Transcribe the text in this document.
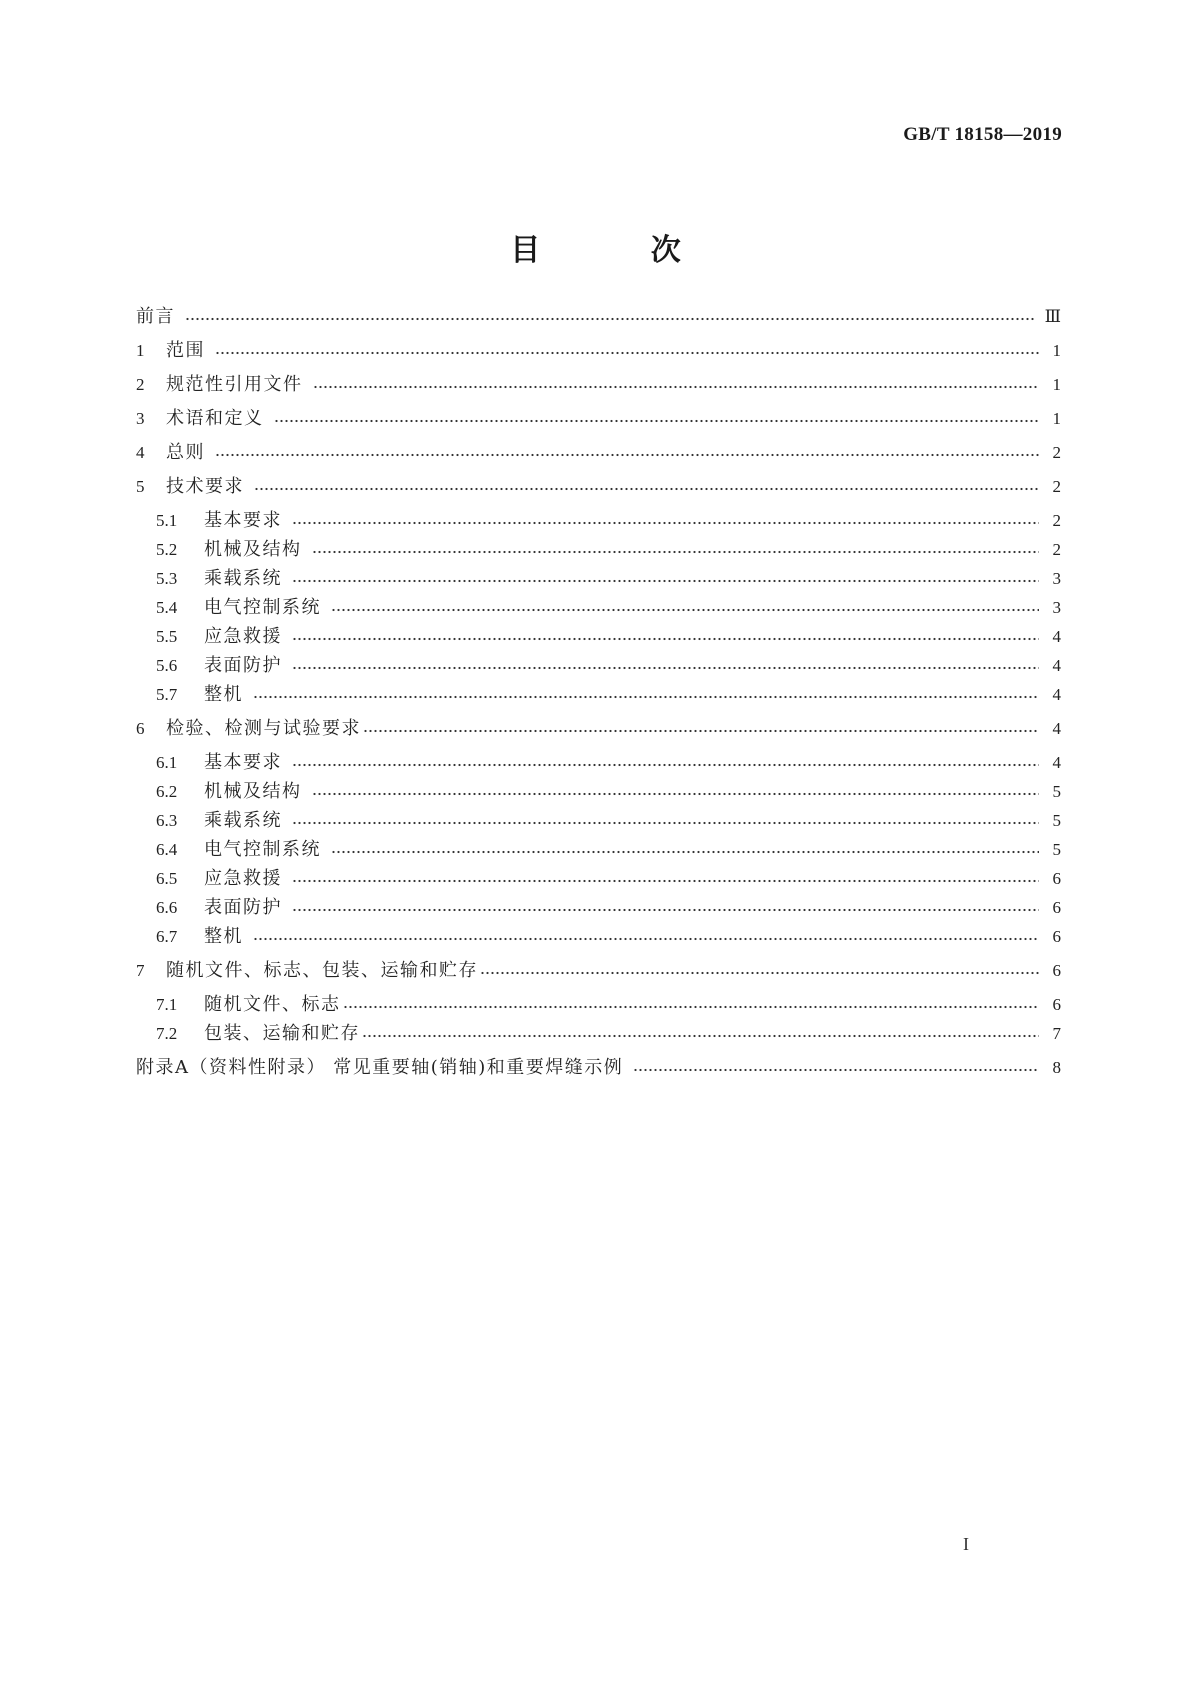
GB/T 18158—2019
目 次
前言	Ⅲ
1	范围	1
2	规范性引用文件	1
3	术语和定义	1
4	总则	2
5	技术要求	2
5.1	基本要求	2
5.2	机械及结构	2
5.3	乘载系统	3
5.4	电气控制系统	3
5.5	应急救援	4
5.6	表面防护	4
5.7	整机	4
6	检验、检测与试验要求	4
6.1	基本要求	4
6.2	机械及结构	5
6.3	乘载系统	5
6.4	电气控制系统	5
6.5	应急救援	6
6.6	表面防护	6
6.7	整机	6
7	随机文件、标志、包装、运输和贮存	6
7.1	随机文件、标志	6
7.2	包装、运输和贮存	7
附录A（资料性附录） 常见重要轴(销轴)和重要焊缝示例	8
I
